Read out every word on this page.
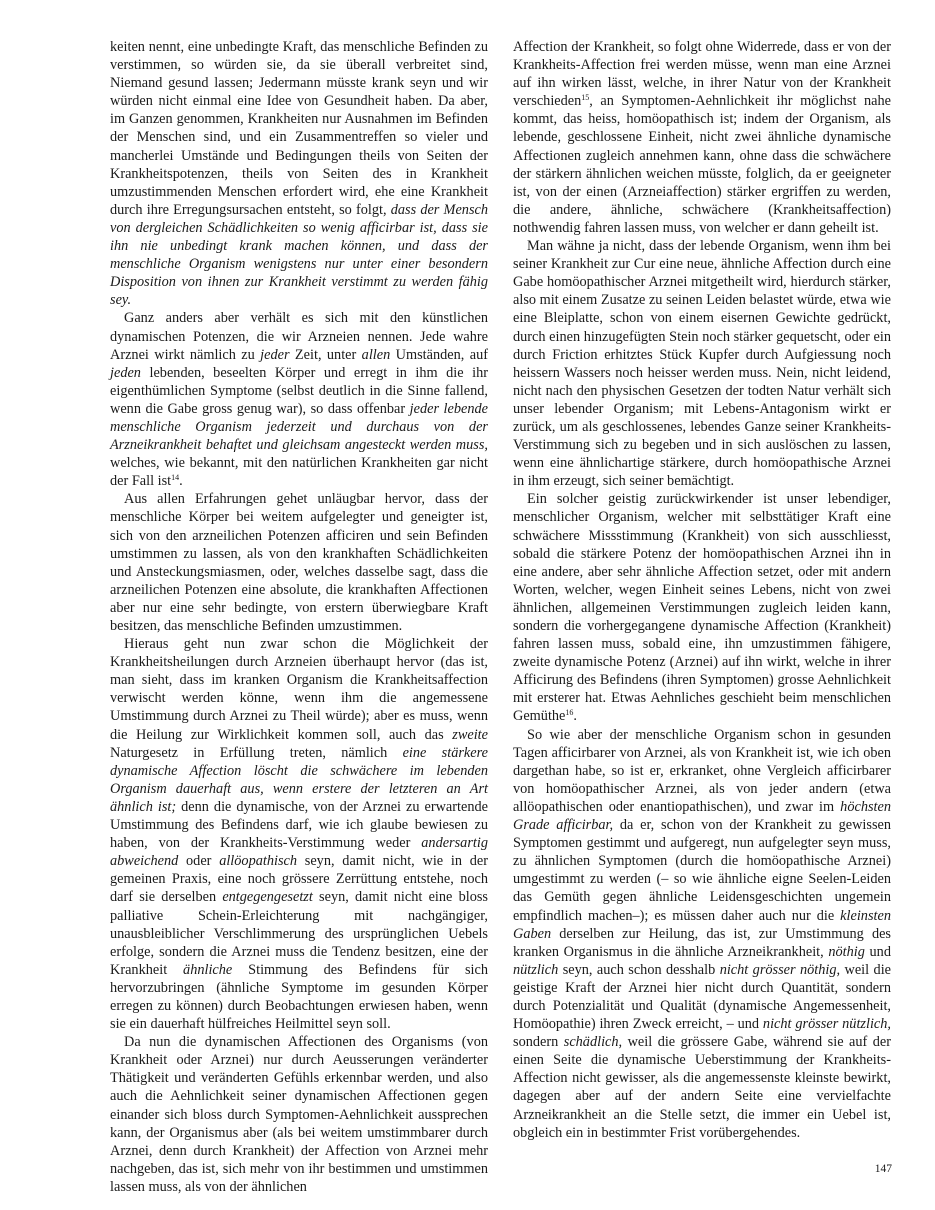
keiten nennt, eine unbedingte Kraft, das menschliche Befinden zu verstimmen, so würden sie, da sie überall verbreitet sind, Niemand gesund lassen; Jedermann müsste krank seyn und wir würden nicht einmal eine Idee von Gesundheit haben. Da aber, im Ganzen genommen, Krankheiten nur Ausnahmen im Befinden der Menschen sind, und ein Zusammentreffen so vieler und mancherlei Umstände und Bedingungen theils von Seiten der Krankheitspotenzen, theils von Seiten des in Krankheit umzustimmenden Menschen erfordert wird, ehe eine Krankheit durch ihre Erregungsursachen entsteht, so folgt, dass der Mensch von dergleichen Schädlichkeiten so wenig afficirbar ist, dass sie ihn nie unbedingt krank machen können, und dass der menschliche Organism wenigstens nur unter einer besondern Disposition von ihnen zur Krankheit verstimmt zu werden fähig sey.

Ganz anders aber verhält es sich mit den künstlichen dynamischen Potenzen, die wir Arzneien nennen. Jede wahre Arznei wirkt nämlich zu jeder Zeit, unter allen Umständen, auf jeden lebenden, beseelten Körper und erregt in ihm die ihr eigenthümlichen Symptome (selbst deutlich in die Sinne fallend, wenn die Gabe gross genug war), so dass offenbar jeder lebende menschliche Organism jederzeit und durchaus von der Arzneikrankheit behaftet und gleichsam angesteckt werden muss, welches, wie bekannt, mit den natürlichen Krankheiten gar nicht der Fall ist$^{14}$.

Aus allen Erfahrungen gehet unläugbar hervor, dass der menschliche Körper bei weitem aufgelegter und geneigter ist, sich von den arzneilichen Potenzen afficiren und sein Befinden umstimmen zu lassen, als von den krankhaften Schädlichkeiten und Ansteckungsmiasmen, oder, welches dasselbe sagt, dass die arzneilichen Potenzen eine absolute, die krankhaften Affectionen aber nur eine sehr bedingte, von erstern überwiegbare Kraft besitzen, das menschliche Befinden umzustimmen.

Hieraus geht nun zwar schon die Möglichkeit der Krankheitsheilungen durch Arzneien überhaupt hervor (das ist, man sieht, dass im kranken Organism die Krankheitsaffection verwischt werden könne, wenn ihm die angemessene Umstimmung durch Arznei zu Theil würde); aber es muss, wenn die Heilung zur Wirklichkeit kommen soll, auch das zweite Naturgesetz in Erfüllung treten, nämlich eine stärkere dynamische Affection löscht die schwächere im lebenden Organism dauerhaft aus, wenn erstere der letzteren an Art ähnlich ist; denn die dynamische, von der Arznei zu erwartende Umstimmung des Befindens darf, wie ich glaube bewiesen zu haben, von der Krankheits-Verstimmung weder andersartig abweichend oder allöopathisch seyn, damit nicht, wie in der gemeinen Praxis, eine noch grössere Zerrüttung entstehe, noch darf sie derselben entgegengesetzt seyn, damit nicht eine bloss palliative Schein-Erleichterung mit nachgängiger, unausbleiblicher Verschlimmerung des ursprünglichen Uebels erfolge, sondern die Arznei muss die Tendenz besitzen, eine der Krankheit ähnliche Stimmung des Befindens für sich hervorzubringen (ähnliche Symptome im gesunden Körper erregen zu können) durch Beobachtungen erwiesen haben, wenn sie ein dauerhaft hülfreiches Heilmittel seyn soll.

Da nun die dynamischen Affectionen des Organisms (von Krankheit oder Arznei) nur durch Aeusserungen veränderter Thätigkeit und veränderten Gefühls erkennbar werden, und also auch die Aehnlichkeit seiner dynamischen Affectionen gegen einander sich bloss durch Symptomen-Aehnlichkeit aussprechen kann, der Organismus aber (als bei weitem umstimmbarer durch Arznei, denn durch Krankheit) der Affection von Arznei mehr nachgeben, das ist, sich mehr von ihr bestimmen und umstimmen lassen muss, als von der ähnlichen

Affection der Krankheit, so folgt ohne Widerrede, dass er von der Krankheits-Affection frei werden müsse, wenn man eine Arznei auf ihn wirken lässt, welche, in ihrer Natur von der Krankheit verschieden$^{15}$, an Symptomen-Aehnlichkeit ihr möglichst nahe kommt, das heiss, homöopathisch ist; indem der Organism, als lebende, geschlossene Einheit, nicht zwei ähnliche dynamische Affectionen zugleich annehmen kann, ohne dass die schwächere der stärkern ähnlichen weichen müsste, folglich, da er geeigneter ist, von der einen (Arzneiaffection) stärker ergriffen zu werden, die andere, ähnliche, schwächere (Krankheitsaffection) nothwendig fahren lassen muss, von welcher er dann geheilt ist.

Man wähne ja nicht, dass der lebende Organism, wenn ihm bei seiner Krankheit zur Cur eine neue, ähnliche Affection durch eine Gabe homöopathischer Arznei mitgetheilt wird, hierdurch stärker, also mit einem Zusatze zu seinen Leiden belastet würde, etwa wie eine Bleiplatte, schon von einem eisernen Gewichte gedrückt, durch einen hinzugefügten Stein noch stärker gequetscht, oder ein durch Friction erhitztes Stück Kupfer durch Aufgiessung noch heissern Wassers noch heisser werden muss. Nein, nicht leidend, nicht nach den physischen Gesetzen der todten Natur verhält sich unser lebender Organism; mit Lebens-Antagonism wirkt er zurück, um als geschlossenes, lebendes Ganze seiner Krankheits-Verstimmung sich zu begeben und in sich auslöschen zu lassen, wenn eine ähnlichartige stärkere, durch homöopathische Arznei in ihm erzeugt, sich seiner bemächtigt.

Ein solcher geistig zurückwirkender ist unser lebendiger, menschlicher Organism, welcher mit selbsttätiger Kraft eine schwächere Missstimmung (Krankheit) von sich ausschliesst, sobald die stärkere Potenz der homöopathischen Arznei ihn in eine andere, aber sehr ähnliche Affection setzet, oder mit andern Worten, welcher, wegen Einheit seines Lebens, nicht von zwei ähnlichen, allgemeinen Verstimmungen zugleich leiden kann, sondern die vorhergegangene dynamische Affection (Krankheit) fahren lassen muss, sobald eine, ihn umzustimmen fähigere, zweite dynamische Potenz (Arznei) auf ihn wirkt, welche in ihrer Afficirung des Befindens (ihren Symptomen) grosse Aehnlichkeit mit ersterer hat. Etwas Aehnliches geschieht beim menschlichen Gemüthe$^{16}$.

So wie aber der menschliche Organism schon in gesunden Tagen afficirbarer von Arznei, als von Krankheit ist, wie ich oben dargethan habe, so ist er, erkranket, ohne Vergleich afficirbarer von homöopathischer Arznei, als von jeder andern (etwa allöopathischen oder enantiopathischen), und zwar im höchsten Grade afficirbar, da er, schon von der Krankheit zu gewissen Symptomen gestimmt und aufgeregt, nun aufgelegter seyn muss, zu ähnlichen Symptomen (durch die homöopathische Arznei) umgestimmt zu werden (– so wie ähnliche eigne Seelen-Leiden das Gemüth gegen ähnliche Leidensgeschichten ungemein empfindlich machen–); es müssen daher auch nur die kleinsten Gaben derselben zur Heilung, das ist, zur Umstimmung des kranken Organismus in die ähnliche Arzneikrankheit, nöthig und nützlich seyn, auch schon desshalb nicht grösser nöthig, weil die geistige Kraft der Arznei hier nicht durch Quantität, sondern durch Potenzialität und Qualität (dynamische Angemessenheit, Homöopathie) ihren Zweck erreicht, – und nicht grösser nützlich, sondern schädlich, weil die grössere Gabe, während sie auf der einen Seite die dynamische Ueberstimmung der Krankheits-Affection nicht gewisser, als die angemessenste kleinste bewirkt, dagegen aber auf der andern Seite eine vervielfachte Arzneikrankheit an die Stelle setzt, die immer ein Uebel ist, obgleich ein in bestimmter Frist vorübergehendes.

147
